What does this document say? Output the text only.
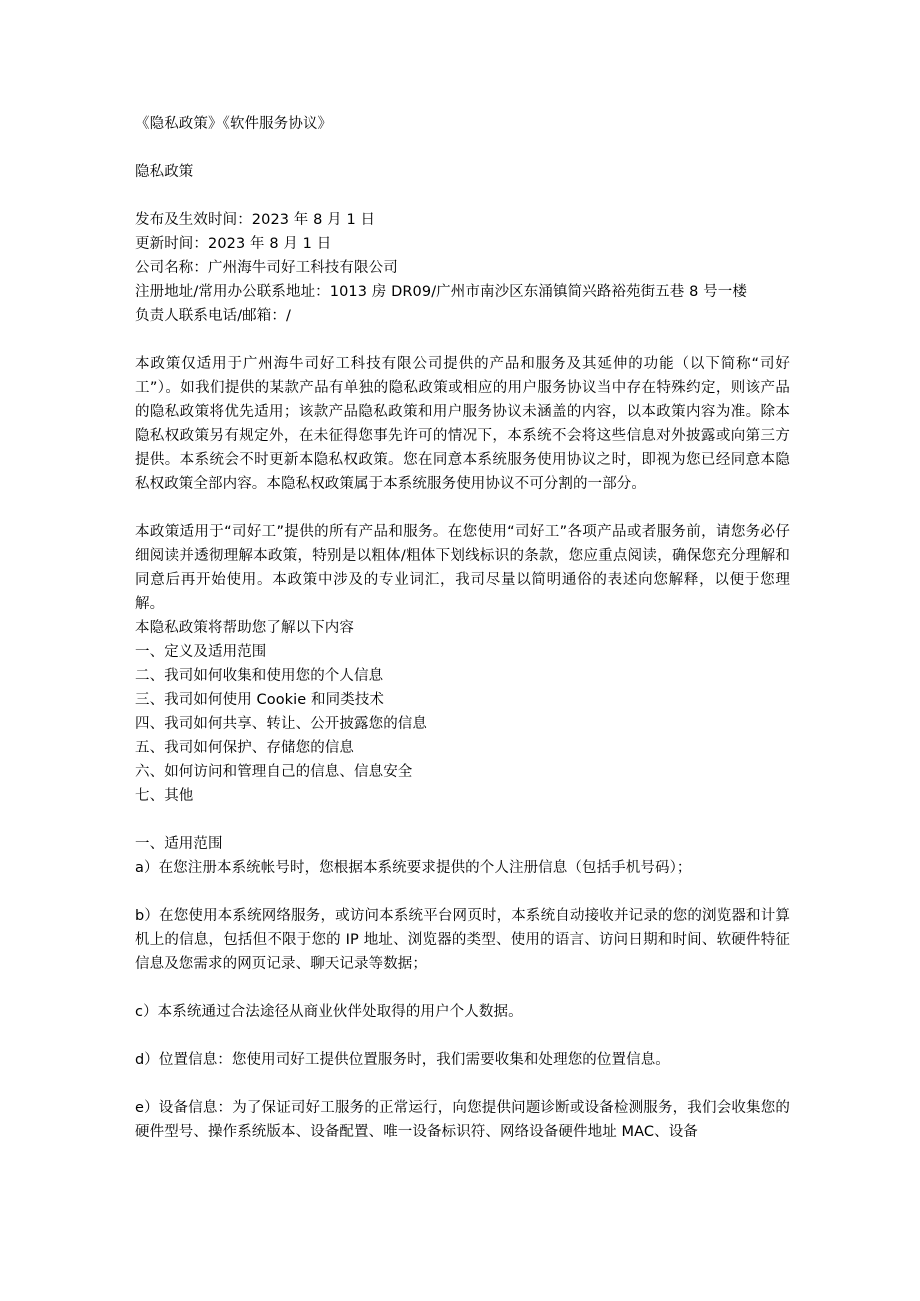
《隐私政策》《软件服务协议》

隐私政策

发布及生效时间：2023 年 8 月 1 日
更新时间：2023 年 8 月 1 日
公司名称：广州海牛司好工科技有限公司
注册地址/常用办公联系地址：1013 房 DR09/广州市南沙区东涌镇简兴路裕苑街五巷 8 号一楼
负责人联系电话/邮箱：/

本政策仅适用于广州海牛司好工科技有限公司提供的产品和服务及其延伸的功能（以下简称“司好工”）。如我们提供的某款产品有单独的隐私政策或相应的用户服务协议当中存在特殊约定，则该产品的隐私政策将优先适用；该款产品隐私政策和用户服务协议未涵盖的内容，以本政策内容为准。除本隐私权政策另有规定外，在未征得您事先许可的情况下，本系统不会将这些信息对外披露或向第三方提供。本系统会不时更新本隐私权政策。您在同意本系统服务使用协议之时，即视为您已经同意本隐私权政策全部内容。本隐私权政策属于本系统服务使用协议不可分割的一部分。

本政策适用于“司好工”提供的所有产品和服务。在您使用“司好工”各项产品或者服务前，请您务必仔细阅读并透彻理解本政策，特别是以粗体/粗体下划线标识的条款，您应重点阅读，确保您充分理解和同意后再开始使用。本政策中涉及的专业词汇，我司尽量以简明通俗的表述向您解释，以便于您理解。

本隐私政策将帮助您了解以下内容

一、定义及适用范围
二、我司如何收集和使用您的个人信息
三、我司如何使用 Cookie 和同类技术
四、我司如何共享、转让、公开披露您的信息
五、我司如何保护、存储您的信息
六、如何访问和管理自己的信息、信息安全
七、其他

一、适用范围

a）在您注册本系统帐号时，您根据本系统要求提供的个人注册信息（包括手机号码）；

b）在您使用本系统网络服务，或访问本系统平台网页时，本系统自动接收并记录的您的浏览器和计算机上的信息，包括但不限于您的 IP 地址、浏览器的类型、使用的语言、访问日期和时间、软硬件特征信息及您需求的网页记录、聊天记录等数据；

c）本系统通过合法途径从商业伙伴处取得的用户个人数据。

d）位置信息：您使用司好工提供位置服务时，我们需要收集和处理您的位置信息。

e）设备信息：为了保证司好工服务的正常运行，向您提供问题诊断或设备检测服务，我们会收集您的硬件型号、操作系统版本、设备配置、唯一设备标识符、网络设备硬件地址 MAC、设备
